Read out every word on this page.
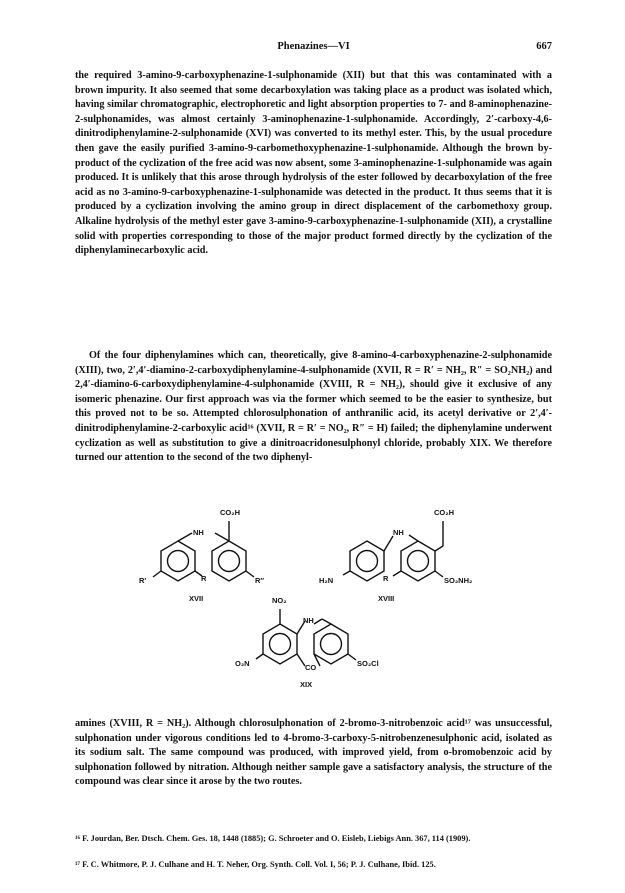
Phenazines—VI	667

the required 3-amino-9-carboxyphenazine-1-sulphonamide (XII) but that this was contaminated with a brown impurity. It also seemed that some decarboxylation was taking place as a product was isolated which, having similar chromatographic, electrophoretic and light absorption properties to 7- and 8-aminophenazine-2-sulphonamides, was almost certainly 3-aminophenazine-1-sulphonamide. Accordingly, 2′-carboxy-4,6-dinitrodiphenylamine-2-sulphonamide (XVI) was converted to its methyl ester. This, by the usual procedure then gave the easily purified 3-amino-9-carbomethoxyphenazine-1-sulphonamide. Although the brown by-product of the cyclization of the free acid was now absent, some 3-aminophenazine-1-sulphonamide was again produced. It is unlikely that this arose through hydrolysis of the ester followed by decarboxylation of the free acid as no 3-amino-9-carboxyphenazine-1-sulphonamide was detected in the product. It thus seems that it is produced by a cyclization involving the amino group in direct displacement of the carbomethoxy group. Alkaline hydrolysis of the methyl ester gave 3-amino-9-carboxyphenazine-1-sulphonamide (XII), a crystalline solid with properties corresponding to those of the major product formed directly by the cyclization of the diphenylaminecarboxylic acid.

Of the four diphenylamines which can, theoretically, give 8-amino-4-carboxyphenazine-2-sulphonamide (XIII), two, 2′,4′-diamino-2-carboxydiphenylamine-4-sulphonamide (XVII, R = R′ = NH₂, R″ = SO₂NH₂) and 2,4′-diamino-6-carboxydiphenylamine-4-sulphonamide (XVIII, R = NH₂), should give it exclusive of any isomeric phenazine. Our first approach was via the former which seemed to be the easier to synthesize, but this proved not to be so. Attempted chlorosulphonation of anthranilic acid, its acetyl derivative or 2′,4′-dinitrodiphenylamine-2-carboxylic acid¹⁶ (XVII, R = R′ = NO₂, R″ = H) failed; the diphenylamine underwent cyclization as well as substitution to give a dinitroacridonesulphonyl chloride, probably XIX. We therefore turned our attention to the second of the two diphenyl-

CO₂H
NH
R′	R	R″
XVII
CO₂H
NH
H₂N	R	SO₂NH₂
XVIII
NO₂
NH
O₂N	CO	SO₂Cl
XIX

amines (XVIII, R = NH₂). Although chlorosulphonation of 2-bromo-3-nitrobenzoic acid¹⁷ was unsuccessful, sulphonation under vigorous conditions led to 4-bromo-3-carboxy-5-nitrobenzenesulphonic acid, isolated as its sodium salt. The same compound was produced, with improved yield, from o-bromobenzoic acid by sulphonation followed by nitration. Although neither sample gave a satisfactory analysis, the structure of the compound was clear since it arose by the two routes.

¹⁶ F. Jourdan, Ber. Dtsch. Chem. Ges. 18, 1448 (1885); G. Schroeter and O. Eisleb, Liebigs Ann. 367, 114 (1909).

¹⁷ F. C. Whitmore, P. J. Culhane and H. T. Neher, Org. Synth. Coll. Vol. I, 56; P. J. Culhane, Ibid. 125.
